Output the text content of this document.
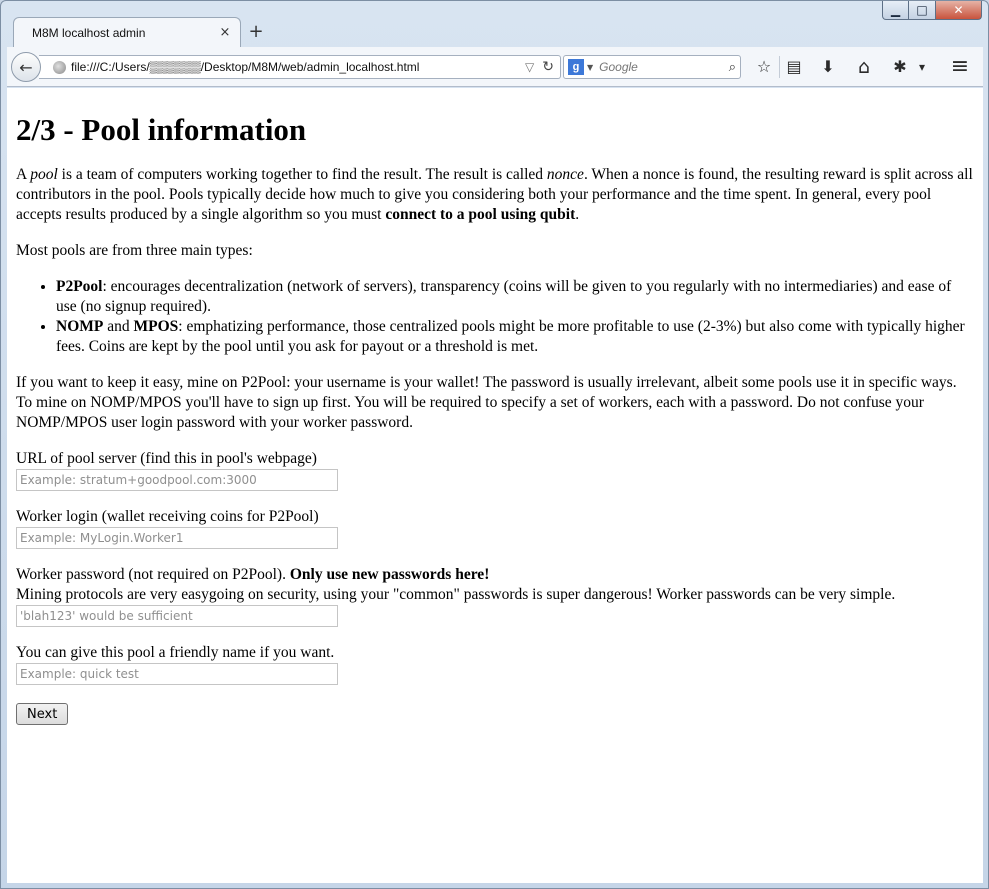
▁ □ ✕
M8M localhost admin	× +
file:///C:/Users/▒▒▒▒▒▒/Desktop/M8M/web/admin_localhost.html	▽ ↻
←	g ▼
Google	⌕ ☆ ▤ ⬇ ⌂	✱	▾ ≡
2/3 - Pool information

A pool is a team of computers working together to find the result. The result is called nonce. When a nonce is found, the resulting reward is split across all contributors in the pool. Pools typically decide how much to give you considering both your performance and the time spent. In general, every pool accepts results produced by a single algorithm so you must connect to a pool using qubit.

Most pools are from three main types:

• P2Pool: encourages decentralization (network of servers), transparency (coins will be given to you regularly with no intermediaries) and ease of use (no signup required).
• NOMP and MPOS: emphatizing performance, those centralized pools might be more profitable to use (2-3%) but also come with typically higher fees. Coins are kept by the pool until you ask for payout or a threshold is met.

If you want to keep it easy, mine on P2Pool: your username is your wallet! The password is usually irrelevant, albeit some pools use it in specific ways.
To mine on NOMP/MPOS you'll have to sign up first. You will be required to specify a set of workers, each with a password. Do not confuse your NOMP/MPOS user login password with your worker password.

URL of pool server (find this in pool's webpage)
Example: stratum+goodpool.com:3000
Worker login (wallet receiving coins for P2Pool)
Example: MyLogin.Worker1
Worker password (not required on P2Pool). Only use new passwords here!
Mining protocols are very easygoing on security, using your "common" passwords is super dangerous! Worker passwords can be very simple.
'blah123' would be sufficient
You can give this pool a friendly name if you want.
Example: quick test Next
